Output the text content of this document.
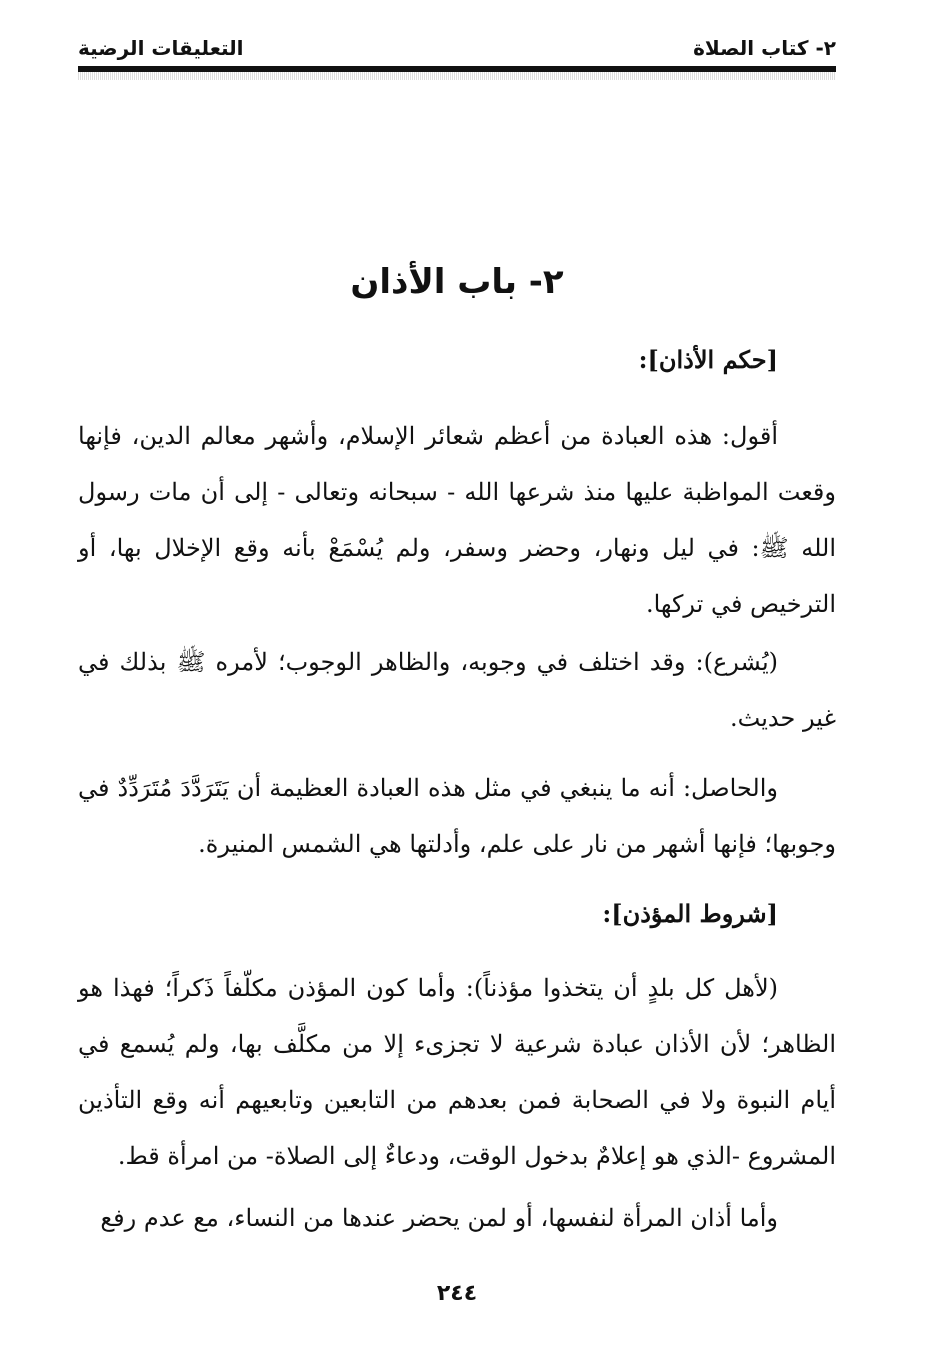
٢- كتاب الصلاة
التعليقات الرضية
٢- باب الأذان
[حكم الأذان]:
أقول: هذه العبادة من أعظم شعائر الإسلام، وأشهر معالم الدين، فإنها وقعت المواظبة عليها منذ شرعها الله - سبحانه وتعالى - إلى أن مات رسول الله ﷺ: في ليل ونهار، وحضر وسفر، ولم يُسْمَعْ بأنه وقع الإخلال بها، أو الترخيص في تركها.
(يُشرع): وقد اختلف في وجوبه، والظاهر الوجوب؛ لأمره ﷺ بذلك في غير حديث.
والحاصل: أنه ما ينبغي في مثل هذه العبادة العظيمة أن يَتَرَدَّدَ مُتَرَدِّدٌ في وجوبها؛ فإنها أشهر من نار على علم، وأدلتها هي الشمس المنيرة.
[شروط المؤذن]:
(لأهل كل بلدٍ أن يتخذوا مؤذناً): وأما كون المؤذن مكلّفاً ذَكراً؛ فهذا هو الظاهر؛ لأن الأذان عبادة شرعية لا تجزىء إلا من مكلَّف بها، ولم يُسمع في أيام النبوة ولا في الصحابة فمن بعدهم من التابعين وتابعيهم أنه وقع التأذين المشروع -الذي هو إعلامٌ بدخول الوقت، ودعاءٌ إلى الصلاة- من امرأة قط.
وأما أذان المرأة لنفسها، أو لمن يحضر عندها من النساء، مع عدم رفع
٢٤٤
